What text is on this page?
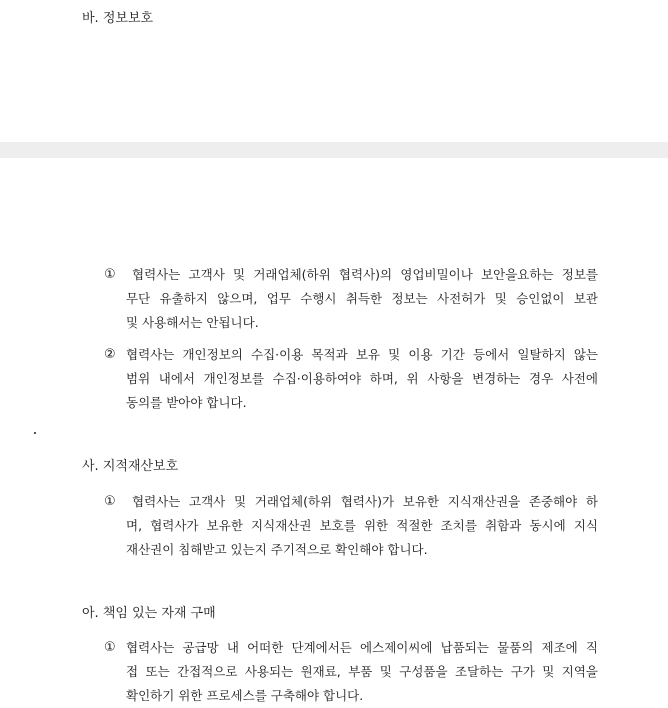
바. 정보보호
① 협력사는 고객사 및 거래업체(하위 협력사)의 영업비밀이나 보안을요하는 정보를
무단 유출하지 않으며, 업무 수행시 취득한 정보는 사전허가 및 승인없이 보관
및 사용해서는 안됩니다.
② 협력사는 개인정보의 수집·이용 목적과 보유 및 이용 기간 등에서 일탈하지 않는
범위 내에서 개인정보를 수집·이용하여야 하며, 위 사항을 변경하는 경우 사전에
동의를 받아야 합니다.
사. 지적재산보호
① 협력사는 고객사 및 거래업체(하위 협력사)가 보유한 지식재산권을 존중해야 하
며, 협력사가 보유한 지식재산권 보호를 위한 적절한 조치를 취함과 동시에 지식
재산권이 침해받고 있는지 주기적으로 확인해야 합니다.
아. 책임 있는 자재 구매
① 협력사는 공급망 내 어떠한 단계에서든 에스제이씨에 납품되는 물품의 제조에 직
접 또는 간접적으로 사용되는 원재료, 부품 및 구성품을 조달하는 구가 및 지역을
확인하기 위한 프로세스를 구축해야 합니다.
